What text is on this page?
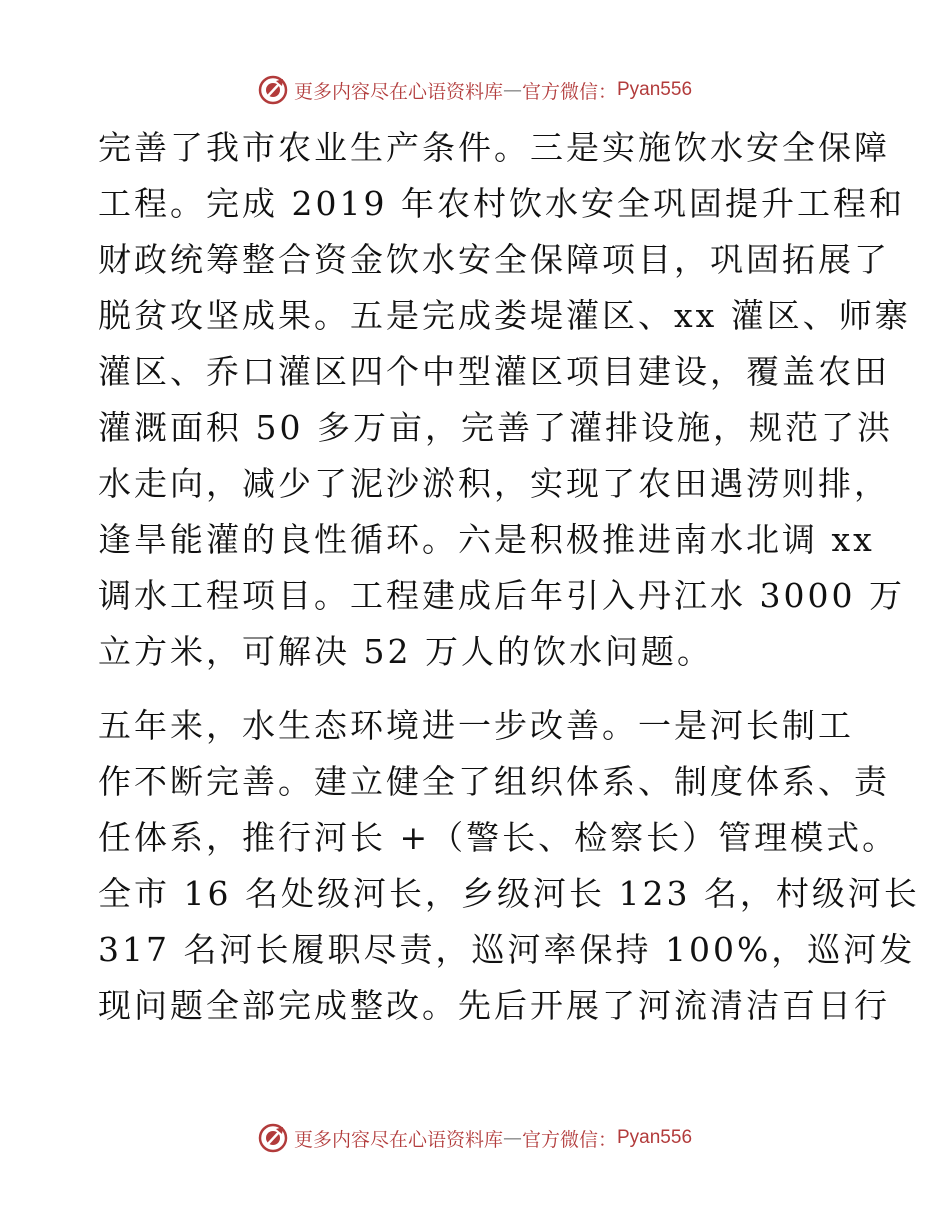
更多内容尽在心语资料库 — 官方微信： Pyan556
完善了我市农业生产条件。三是实施饮水安全保障
工程。完成 2019 年农村饮水安全巩固提升工程和
财政统筹整合资金饮水安全保障项目，巩固拓展了
脱贫攻坚成果。五是完成娄堤灌区、xx 灌区、师寨
灌区、乔口灌区四个中型灌区项目建设，覆盖农田
灌溉面积 50 多万亩，完善了灌排设施，规范了洪
水走向，减少了泥沙淤积，实现了农田遇涝则排，
逢旱能灌的良性循环。六是积极推进南水北调 xx
调水工程项目。工程建成后年引入丹江水 3000 万
立方米，可解决 52 万人的饮水问题。
五年来，水生态环境进一步改善。一是河长制工
作不断完善。建立健全了组织体系、制度体系、责
任体系，推行河长 +（警长、检察长）管理模式。
全市 16 名处级河长，乡级河长 123 名，村级河长
317 名河长履职尽责，巡河率保持 100%，巡河发
现问题全部完成整改。先后开展了河流清洁百日行
更多内容尽在心语资料库 — 官方微信： Pyan556
